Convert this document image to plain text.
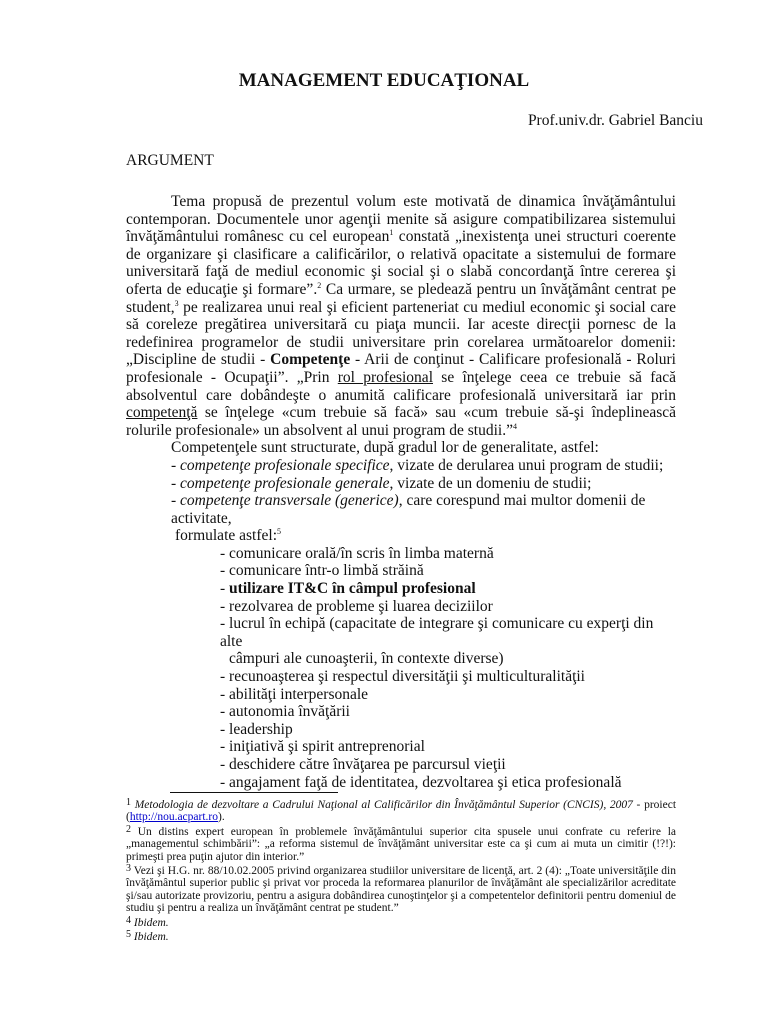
MANAGEMENT EDUCAŢIONAL
Prof.univ.dr. Gabriel Banciu
ARGUMENT

Tema propusă de prezentul volum este motivată de dinamica învăţământului contemporan. Documentele unor agenţii menite să asigure compatibilizarea sistemului învăţământului românesc cu cel european$^1$ constată „inexistenţa unei structuri coerente de organizare şi clasificare a calificărilor, o relativă opacitate a sistemului de formare universitară faţă de mediul economic şi social şi o slabă concordanţă între cererea şi oferta de educaţie şi formare”.$^2$ Ca urmare, se pledează pentru un învăţământ centrat pe student,$^3$ pe realizarea unui real şi eficient parteneriat cu mediul economic şi social care să coreleze pregătirea universitară cu piaţa muncii. Iar aceste direcţii pornesc de la redefinirea programelor de studii universitare prin corelarea următoarelor domenii: „Discipline de studii - Competenţe - Arii de conţinut - Calificare profesională - Roluri profesionale - Ocupaţii”. „Prin rol profesional se înţelege ceea ce trebuie să facă absolventul care dobândeşte o anumită calificare profesională universitară iar prin competenţă se înţelege «cum trebuie să facă» sau «cum trebuie să-şi îndeplinească rolurile profesionale» un absolvent al unui program de studii.”$^4$

Competenţele sunt structurate, după gradul lor de generalitate, astfel:

- competenţe profesionale specifice, vizate de derularea unui program de studii;
- competenţe profesionale generale, vizate de un domeniu de studii;
- competenţe transversale (generice), care corespund mai multor domenii de activitate,
formulate astfel:$^5$
- comunicare orală/în scris în limba maternă
- comunicare într-o limbă străină
- utilizare IT&C în câmpul profesional
- rezolvarea de probleme şi luarea deciziilor
- lucrul în echipă (capacitate de integrare şi comunicare cu experţi din alte
câmpuri ale cunoaşterii, în contexte diverse)
- recunoaşterea şi respectul diversităţii şi multiculturalităţii
- abilităţi interpersonale
- autonomia învăţării
- leadership
- iniţiativă şi spirit antreprenorial
- deschidere către învăţarea pe parcursul vieţii
- angajament faţă de identitatea, dezvoltarea şi etica profesională

1 Metodologia de dezvoltare a Cadrului Naţional al Calificărilor din Învăţământul Superior (CNCIS), 2007 - proiect (http://nou.acpart.ro).

2 Un distins expert european în problemele învăţământului superior cita spusele unui confrate cu referire la „managementul schimbării”: „a reforma sistemul de învăţământ universitar este ca şi cum ai muta un cimitir (!?!): primeşti prea puţin ajutor din interior.”

3 Vezi şi H.G. nr. 88/10.02.2005 privind organizarea studiilor universitare de licenţă, art. 2 (4): „Toate universităţile din învăţământul superior public şi privat vor proceda la reformarea planurilor de învăţământ ale specializărilor acreditate şi/sau autorizate provizoriu, pentru a asigura dobândirea cunoştinţelor şi a competentelor definitorii pentru domeniul de studiu şi pentru a realiza un învăţământ centrat pe student.”

4 Ibidem.

5 Ibidem.
